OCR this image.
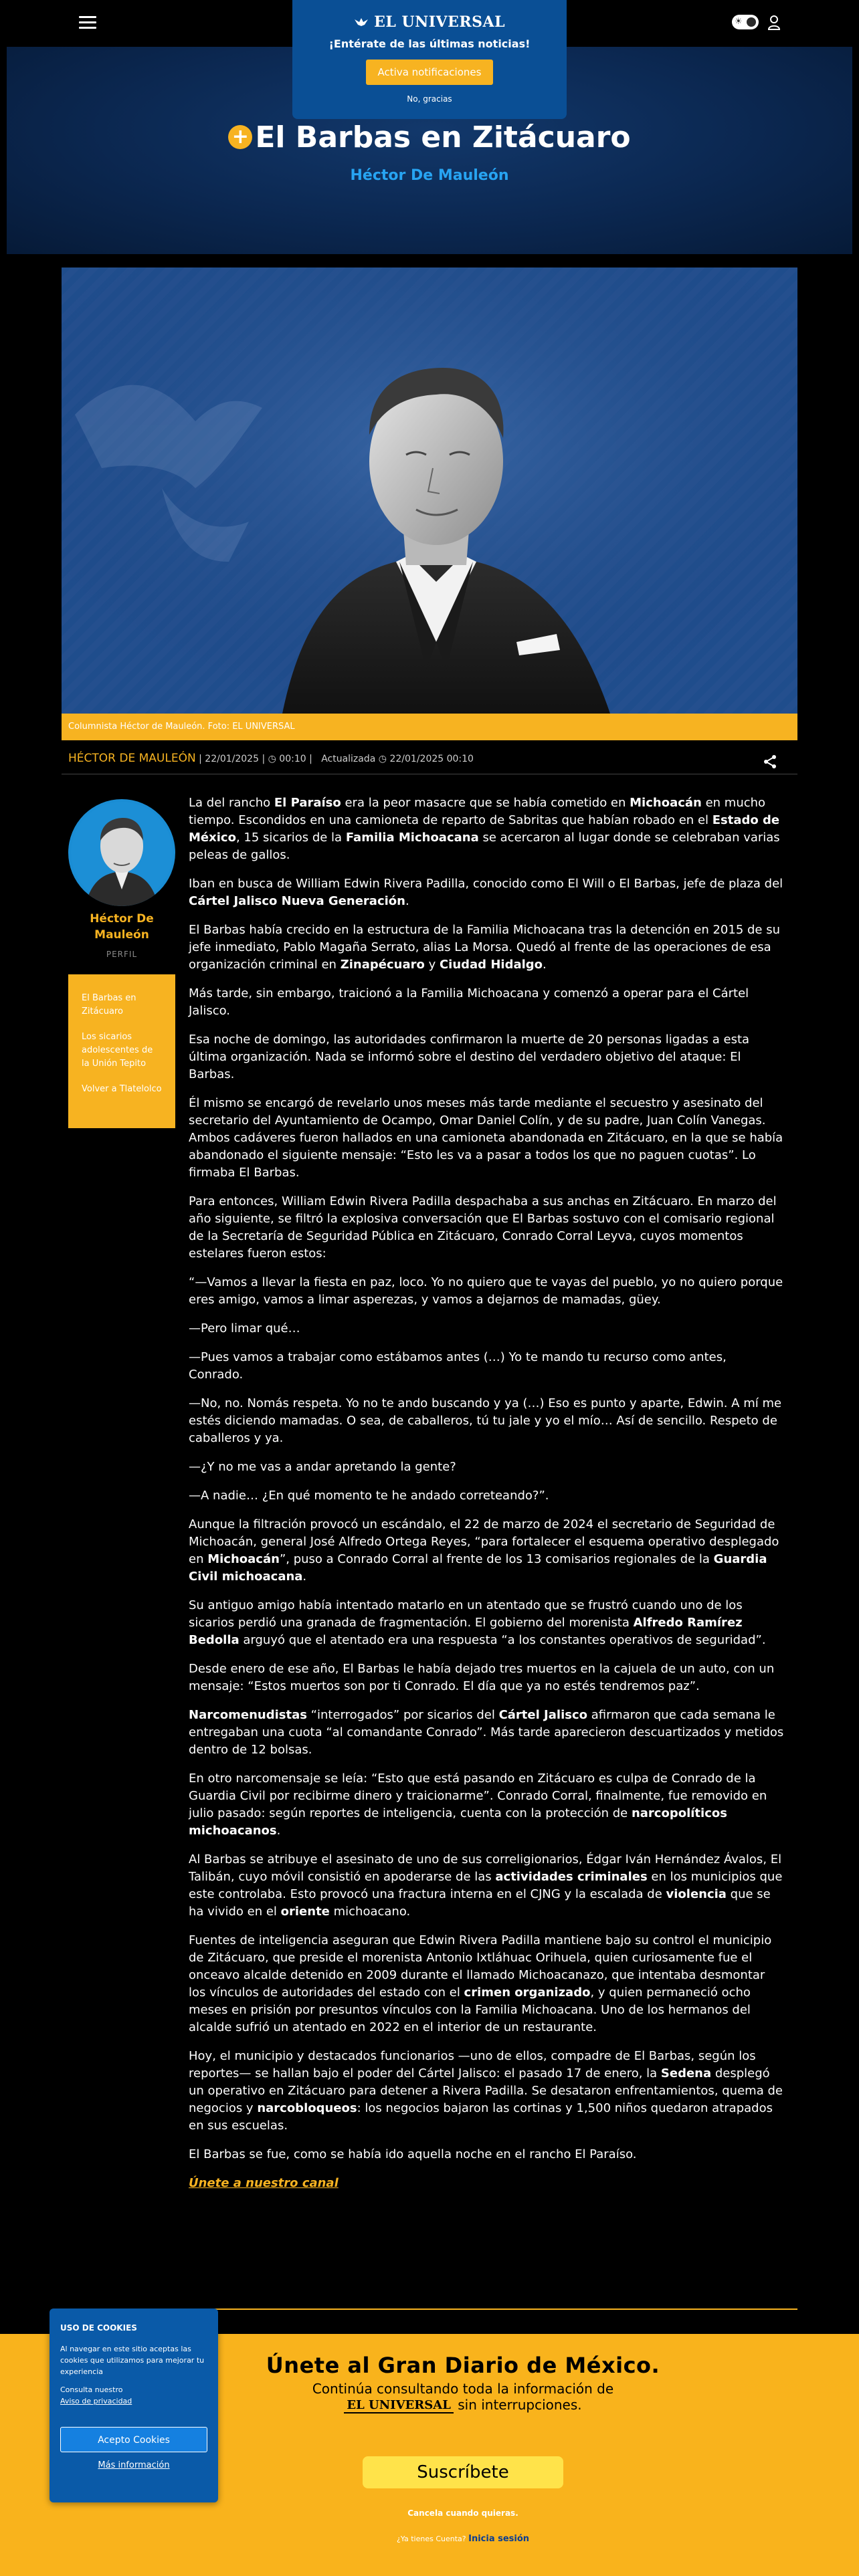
☀
+ El Barbas en Zitácuaro
Héctor De Mauleón
EL UNIVERSAL
¡Entérate de las últimas noticias!
Activa notificaciones
No, gracias
Columnista Héctor de Mauleón. Foto: EL UNIVERSAL
HÉCTOR DE MAULEÓN | 22/01/2025 | ◷ 00:10 |   Actualizada ◷ 22/01/2025 00:10
Héctor De Mauleón
PERFIL
El Barbas en Zitácuaro
Los sicarios adolescentes de la Unión Tepito
Volver a Tlatelolco

La del rancho El Paraíso era la peor masacre que se había cometido en Michoacán en mucho tiempo. Escondidos en una camioneta de reparto de Sabritas que habían robado en el Estado de México, 15 sicarios de la Familia Michoacana se acercaron al lugar donde se celebraban varias peleas de gallos.

Iban en busca de William Edwin Rivera Padilla, conocido como El Will o El Barbas, jefe de plaza del Cártel Jalisco Nueva Generación.

El Barbas había crecido en la estructura de la Familia Michoacana tras la detención en 2015 de su jefe inmediato, Pablo Magaña Serrato, alias La Morsa. Quedó al frente de las operaciones de esa organización criminal en Zinapécuaro y Ciudad Hidalgo.

Más tarde, sin embargo, traicionó a la Familia Michoacana y comenzó a operar para el Cártel Jalisco.

Esa noche de domingo, las autoridades confirmaron la muerte de 20 personas ligadas a esta última organización. Nada se informó sobre el destino del verdadero objetivo del ataque: El Barbas.

Él mismo se encargó de revelarlo unos meses más tarde mediante el secuestro y asesinato del secretario del Ayuntamiento de Ocampo, Omar Daniel Colín, y de su padre, Juan Colín Vanegas. Ambos cadáveres fueron hallados en una camioneta abandonada en Zitácuaro, en la que se había abandonado el siguiente mensaje: “Esto les va a pasar a todos los que no paguen cuotas”. Lo firmaba El Barbas.

Para entonces, William Edwin Rivera Padilla despachaba a sus anchas en Zitácuaro. En marzo del año siguiente, se filtró la explosiva conversación que El Barbas sostuvo con el comisario regional de la Secretaría de Seguridad Pública en Zitácuaro, Conrado Corral Leyva, cuyos momentos estelares fueron estos:

“—Vamos a llevar la fiesta en paz, loco. Yo no quiero que te vayas del pueblo, yo no quiero porque eres amigo, vamos a limar asperezas, y vamos a dejarnos de mamadas, güey.

—Pero limar qué…

—Pues vamos a trabajar como estábamos antes (…) Yo te mando tu recurso como antes, Conrado.

—No, no. Nomás respeta. Yo no te ando buscando y ya (…) Eso es punto y aparte, Edwin. A mí me estés diciendo mamadas. O sea, de caballeros, tú tu jale y yo el mío… Así de sencillo. Respeto de caballeros y ya.

—¿Y no me vas a andar apretando la gente?

—A nadie… ¿En qué momento te he andado correteando?”.

Aunque la filtración provocó un escándalo, el 22 de marzo de 2024 el secretario de Seguridad de Michoacán, general José Alfredo Ortega Reyes, “para fortalecer el esquema operativo desplegado en Michoacán”, puso a Conrado Corral al frente de los 13 comisarios regionales de la Guardia Civil michoacana.

Su antiguo amigo había intentado matarlo en un atentado que se frustró cuando uno de los sicarios perdió una granada de fragmentación. El gobierno del morenista Alfredo Ramírez Bedolla arguyó que el atentado era una respuesta “a los constantes operativos de seguridad”.

Desde enero de ese año, El Barbas le había dejado tres muertos en la cajuela de un auto, con un mensaje: “Estos muertos son por ti Conrado. El día que ya no estés tendremos paz”.

Narcomenudistas “interrogados” por sicarios del Cártel Jalisco afirmaron que cada semana le entregaban una cuota “al comandante Conrado”. Más tarde aparecieron descuartizados y metidos dentro de 12 bolsas.

En otro narcomensaje se leía: “Esto que está pasando en Zitácuaro es culpa de Conrado de la Guardia Civil por recibirme dinero y traicionarme”. Conrado Corral, finalmente, fue removido en julio pasado: según reportes de inteligencia, cuenta con la protección de narcopolíticos michoacanos.

Al Barbas se atribuye el asesinato de uno de sus correligionarios, Édgar Iván Hernández Ávalos, El Talibán, cuyo móvil consistió en apoderarse de las actividades criminales en los municipios que este controlaba. Esto provocó una fractura interna en el CJNG y la escalada de violencia que se ha vivido en el oriente michoacano.

Fuentes de inteligencia aseguran que Edwin Rivera Padilla mantiene bajo su control el municipio de Zitácuaro, que preside el morenista Antonio Ixtláhuac Orihuela, quien curiosamente fue el onceavo alcalde detenido en 2009 durante el llamado Michoacanazo, que intentaba desmontar los vínculos de autoridades del estado con el crimen organizado, y quien permaneció ocho meses en prisión por presuntos vínculos con la Familia Michoacana. Uno de los hermanos del alcalde sufrió un atentado en 2022 en el interior de un restaurante.

Hoy, el municipio y destacados funcionarios —uno de ellos, compadre de El Barbas, según los reportes— se hallan bajo el poder del Cártel Jalisco: el pasado 17 de enero, la Sedena desplegó un operativo en Zitácuaro para detener a Rivera Padilla. Se desataron enfrentamientos, quema de negocios y narcobloqueos: los negocios bajaron las cortinas y 1,500 niños quedaron atrapados en sus escuelas.

El Barbas se fue, como se había ido aquella noche en el rancho El Paraíso.

Únete a nuestro canal

Únete al Gran Diario de México.
Continúa consultando toda la información de
EL UNIVERSAL sin interrupciones.
Suscríbete
Cancela cuando quieras.
¿Ya tienes Cuenta? Inicia sesión
USO DE COOKIES

Al navegar en este sitio aceptas las cookies que utilizamos para mejorar tu experiencia

Consulta nuestro
Aviso de privacidad
Acepto Cookies
Más información
